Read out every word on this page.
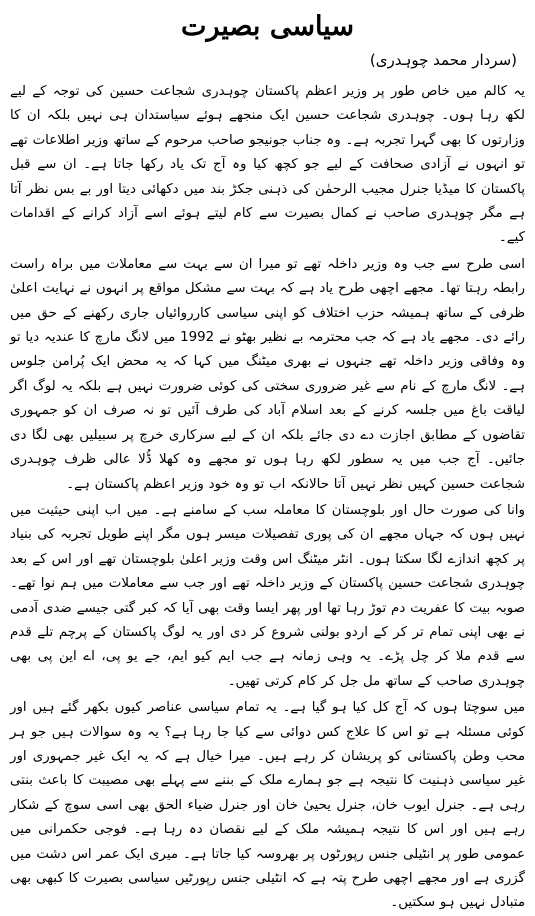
سیاسی بصیرت
(سردار محمد چوہدری)

یہ کالم میں خاص طور پر وزیر اعظم پاکستان چوہدری شجاعت حسین کی توجہ کے لیے لکھ رہا ہوں۔ چوہدری شجاعت حسین ایک منجھے ہوئے سیاستدان ہی نہیں بلکہ ان کا وزارتوں کا بھی گہرا تجربہ ہے۔ وہ جناب جونیجو صاحب مرحوم کے ساتھ وزیر اطلاعات تھے تو انہوں نے آزادی صحافت کے لیے جو کچھ کیا وہ آج تک یاد رکھا جاتا ہے۔ ان سے قبل پاکستان کا میڈیا جنرل مجیب الرحمٰن کی ذہنی جکڑ بند میں دکھائی دیتا اور بے بس نظر آتا ہے مگر چوہدری صاحب نے کمال بصیرت سے کام لیتے ہوئے اسے آزاد کرانے کے اقدامات کیے۔

اسی طرح سے جب وہ وزیر داخلہ تھے تو میرا ان سے بہت سے معاملات میں براہ راست رابطہ رہتا تھا۔ مجھے اچھی طرح یاد ہے کہ بہت سے مشکل مواقع پر انہوں نے نہایت اعلیٰ ظرفی کے ساتھ ہمیشہ حزب اختلاف کو اپنی سیاسی کارروائیاں جاری رکھنے کے حق میں رائے دی۔ مجھے یاد ہے کہ جب محترمہ بے نظیر بھٹو نے 1992 میں لانگ مارچ کا عندیہ دیا تو وہ وفاقی وزیر داخلہ تھے جنہوں نے بھری میٹنگ میں کہا کہ یہ محض ایک پُرامن جلوس ہے۔ لانگ مارچ کے نام سے غیر ضروری سختی کی کوئی ضرورت نہیں ہے بلکہ یہ لوگ اگر لیاقت باغ میں جلسہ کرنے کے بعد اسلام آباد کی طرف آئیں تو نہ صرف ان کو جمہوری تقاضوں کے مطابق اجازت دے دی جائے بلکہ ان کے لیے سرکاری خرچ پر سبیلیں بھی لگا دی جائیں۔ آج جب میں یہ سطور لکھ رہا ہوں تو مجھے وہ کھلا ڈُلا عالی ظرف چوہدری شجاعت حسین کہیں نظر نہیں آتا حالانکہ اب تو وہ خود وزیر اعظم پاکستان ہے۔

وانا کی صورت حال اور بلوچستان کا معاملہ سب کے سامنے ہے۔ میں اب اپنی حیثیت میں نہیں ہوں کہ جہاں مجھے ان کی پوری تفصیلات میسر ہوں مگر اپنے طویل تجربہ کی بنیاد پر کچھ اندازے لگا سکتا ہوں۔ انٹر میٹنگ اس وقت وزیر اعلیٰ بلوچستان تھے اور اس کے بعد چوہدری شجاعت حسین پاکستان کے وزیر داخلہ تھے اور جب سے معاملات میں ہم نوا تھے۔ صوبہ بیت کا عفریت دم توڑ رہا تھا اور پھر ایسا وقت بھی آیا کہ کبر گتی جیسے ضدی آدمی نے بھی اپنی تمام تر کر کے اردو بولنی شروع کر دی اور یہ لوگ پاکستان کے پرچم تلے قدم سے قدم ملا کر چل پڑے۔ یہ وہی زمانہ ہے جب ایم کیو ایم، جے یو پی، اے این پی بھی چوہدری صاحب کے ساتھ مل جل کر کام کرتی تھیں۔

میں سوچتا ہوں کہ آج کل کیا ہو گیا ہے۔ یہ تمام سیاسی عناصر کیوں بکھر گئے ہیں اور کوئی مسئلہ ہے تو اس کا علاج کس دوائی سے کیا جا رہا ہے؟ یہ وہ سوالات ہیں جو ہر محب وطن پاکستانی کو پریشان کر رہے ہیں۔ میرا خیال ہے کہ یہ ایک غیر جمہوری اور غیر سیاسی ذہنیت کا نتیجہ ہے جو ہمارے ملک کے بننے سے پہلے بھی مصیبت کا باعث بنتی رہی ہے۔ جنرل ایوب خان، جنرل یحییٰ خان اور جنرل ضیاء الحق بھی اسی سوچ کے شکار رہے ہیں اور اس کا نتیجہ ہمیشہ ملک کے لیے نقصان دہ رہا ہے۔ فوجی حکمرانی میں عمومی طور پر انٹیلی جنس رپورٹوں پر بھروسہ کیا جاتا ہے۔ میری ایک عمر اس دشت میں گزری ہے اور مجھے اچھی طرح پتہ ہے کہ انٹیلی جنس رپورٹیں سیاسی بصیرت کا کبھی بھی متبادل نہیں ہو سکتیں۔
